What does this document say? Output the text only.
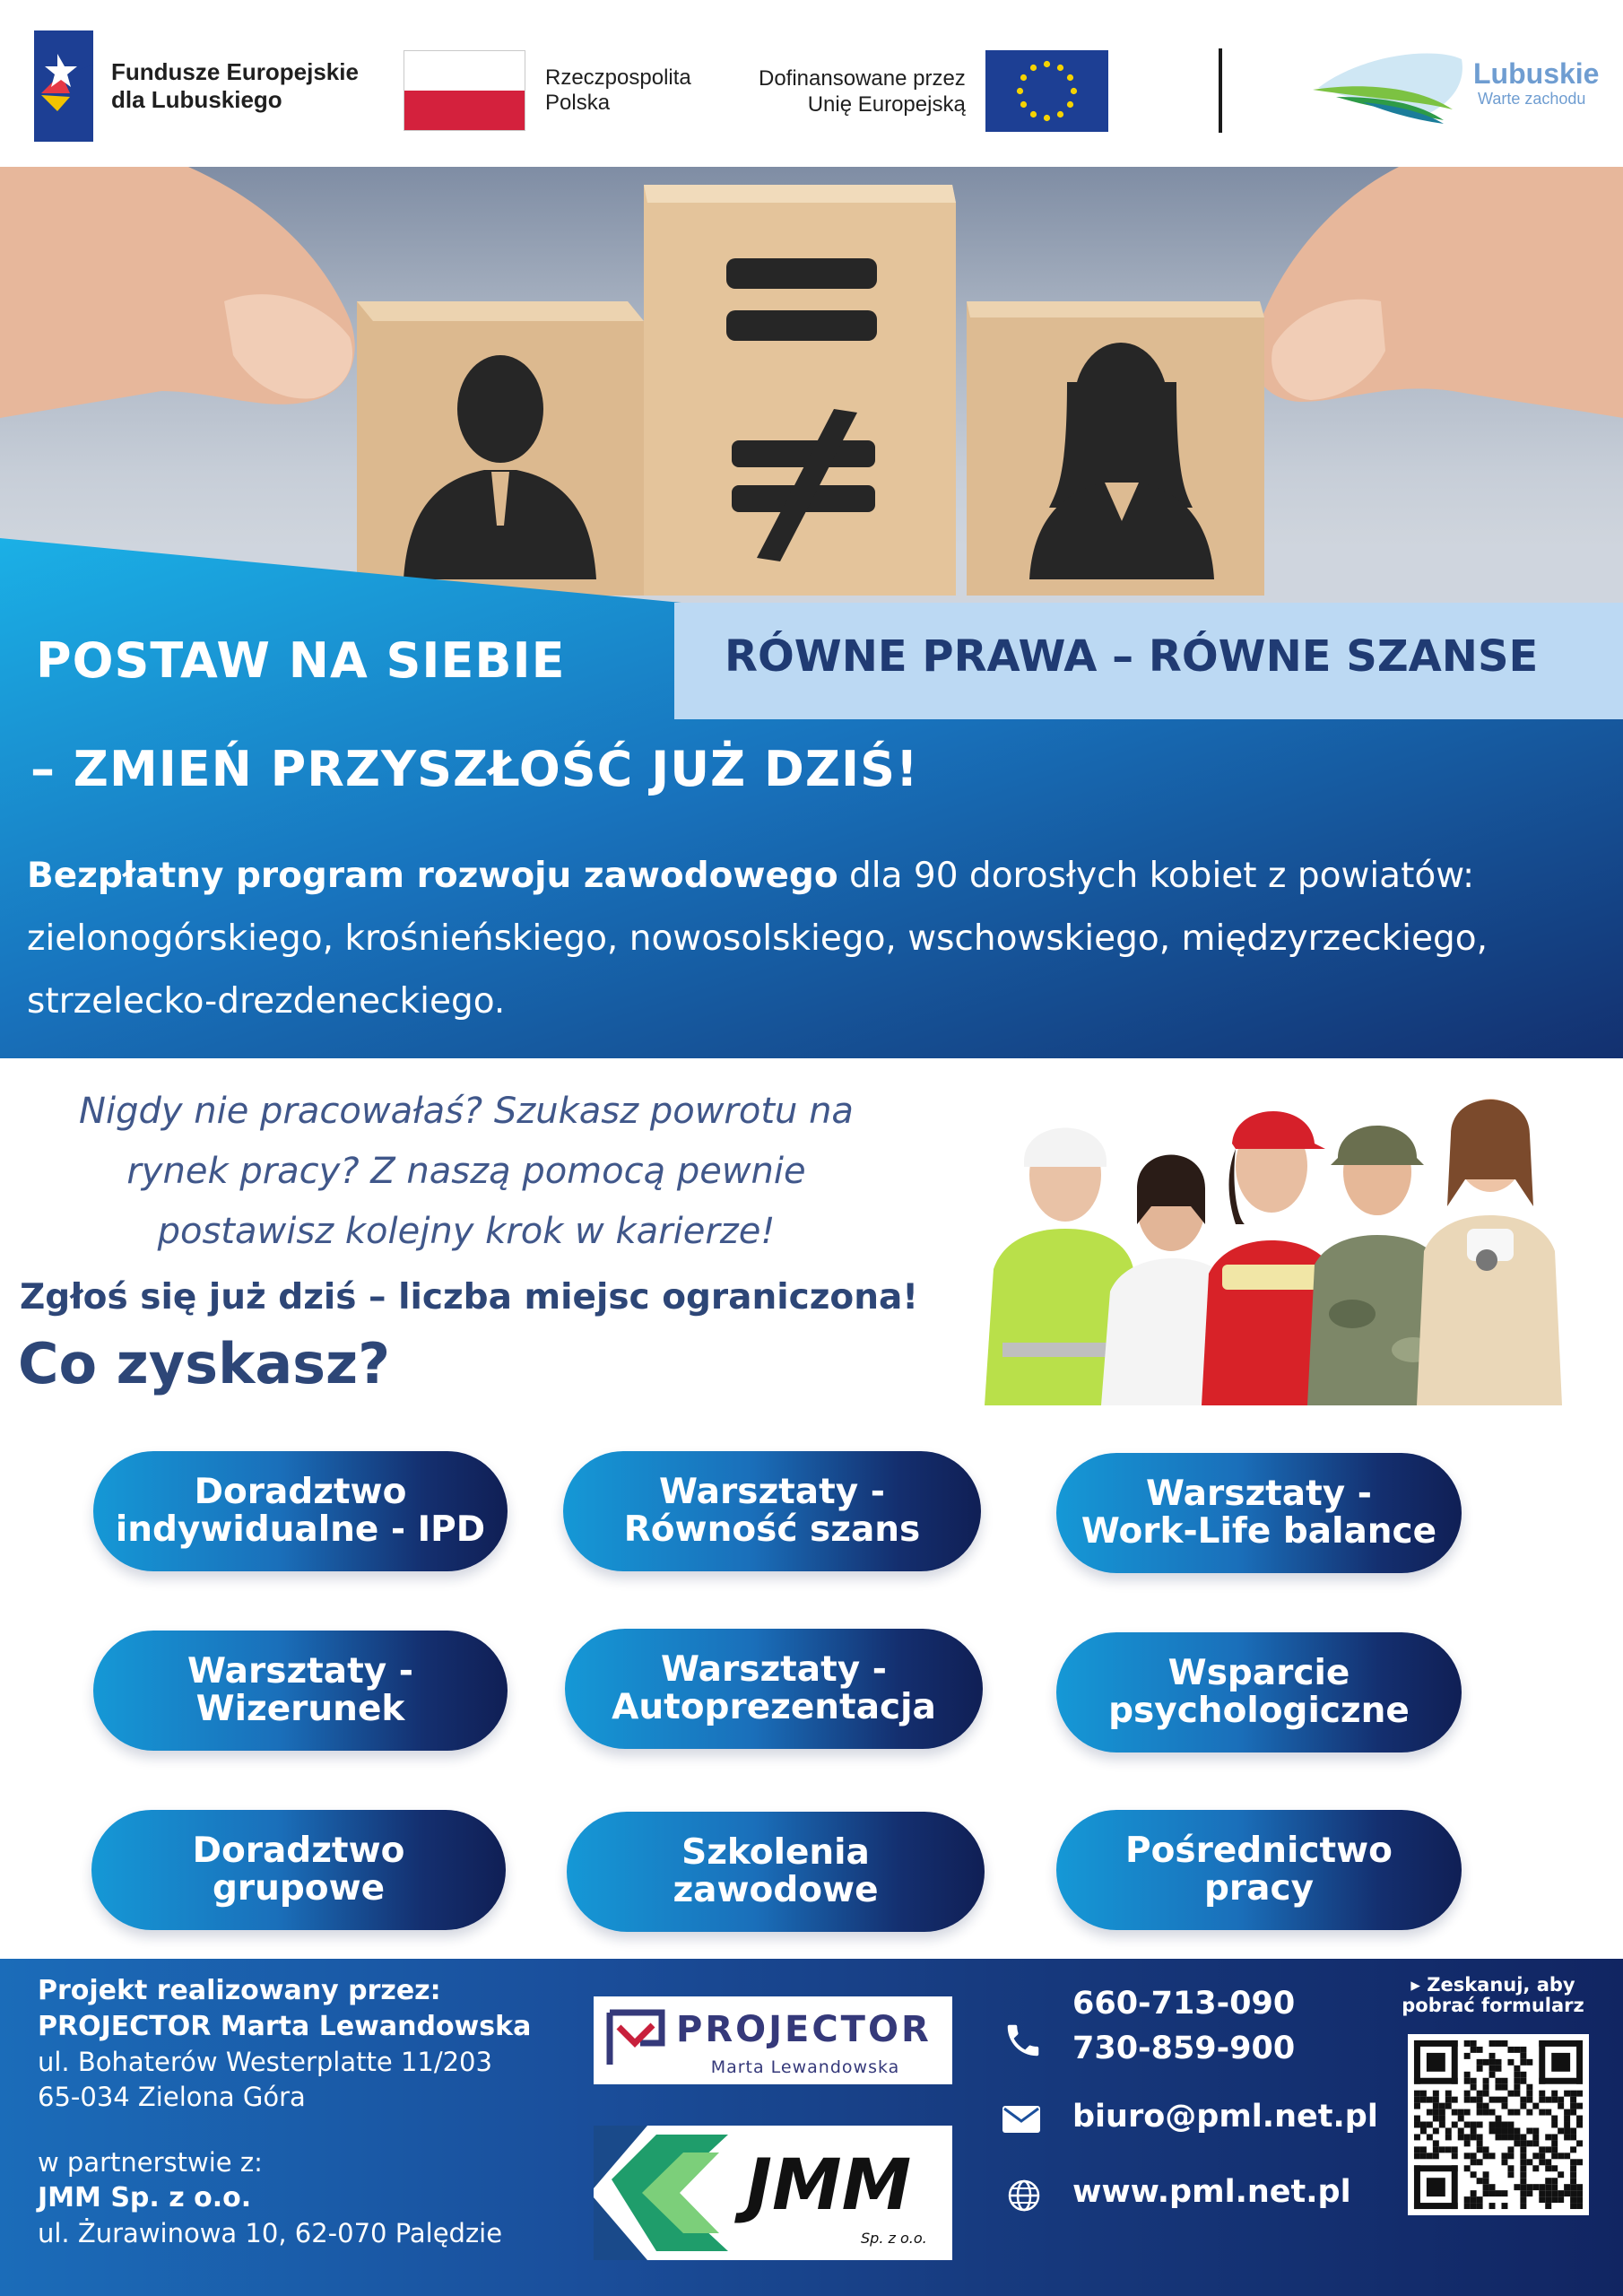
Fundusze Europejskie
dla Lubuskiego
Rzeczpospolita
Polska
Dofinansowane przez
Unię Europejską
Lubuskie
Warte zachodu
POSTAW NA SIEBIE	RÓWNE PRAWA – RÓWNE SZANSE
– ZMIEŃ PRZYSZŁOŚĆ JUŻ DZIŚ!
Bezpłatny program rozwoju zawodowego dla 90 dorosłych kobiet z powiatów: zielonogórskiego, krośnieńskiego, nowosolskiego, wschowskiego, międzyrzeckiego, strzelecko-drezdeneckiego.
Nigdy nie pracowałaś? Szukasz powrotu na
rynek pracy? Z naszą pomocą pewnie
postawisz kolejny krok w karierze!
Zgłoś się już dziś – liczba miejsc ograniczona!
Co zyskasz?
Doradztwo
indywidualne - IPD
Warsztaty -
Równość szans
Warsztaty -
Work-Life balance
Warsztaty -
Wizerunek
Warsztaty -
Autoprezentacja
Wsparcie
psychologiczne
Doradztwo
grupowe
Szkolenia
zawodowe
Pośrednictwo
pracy
Projekt realizowany przez:
PROJECTOR Marta Lewandowska
ul. Bohaterów Westerplatte 11/203
65-034 Zielona Góra
w partnerstwie z:
JMM Sp. z o.o.
ul. Żurawinowa 10, 62-070 Palędzie
PROJECTOR
Marta Lewandowska
JMM
Sp. z o.o.
660-713-090
730-859-900
biuro@pml.net.pl
www.pml.net.pl
▸ Zeskanuj, aby
pobrać formularz
